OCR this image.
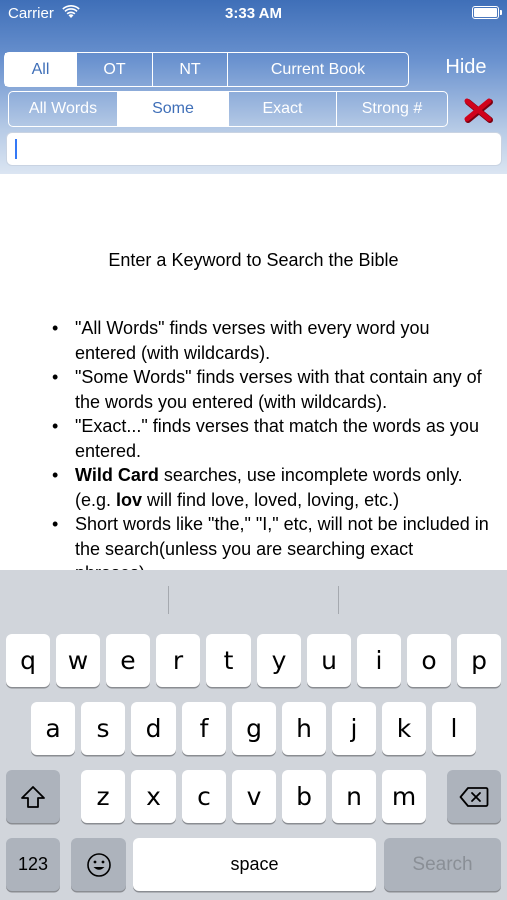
Carrier	3:33 AM
All	OT	NT	Current Book	Hide
All Words	Some	Exact	Strong #
Enter a Keyword to Search the Bible
• "All Words" finds verses with every word you entered (with wildcards).
• "Some Words" finds verses with that contain any of the words you entered (with wildcards).
• "Exact..." finds verses that match the words as you entered.
• Wild Card searches, use incomplete words only. (e.g. lov will find love, loved, loving, etc.)
• Short words like "the," "I," etc, will not be included in the search(unless you are searching exact
q	w	e	r	t	y	u	i	o	p
a	s	d	f	g	h	j	k	l
z	x	c	v	b	n	m
123	space	Search
